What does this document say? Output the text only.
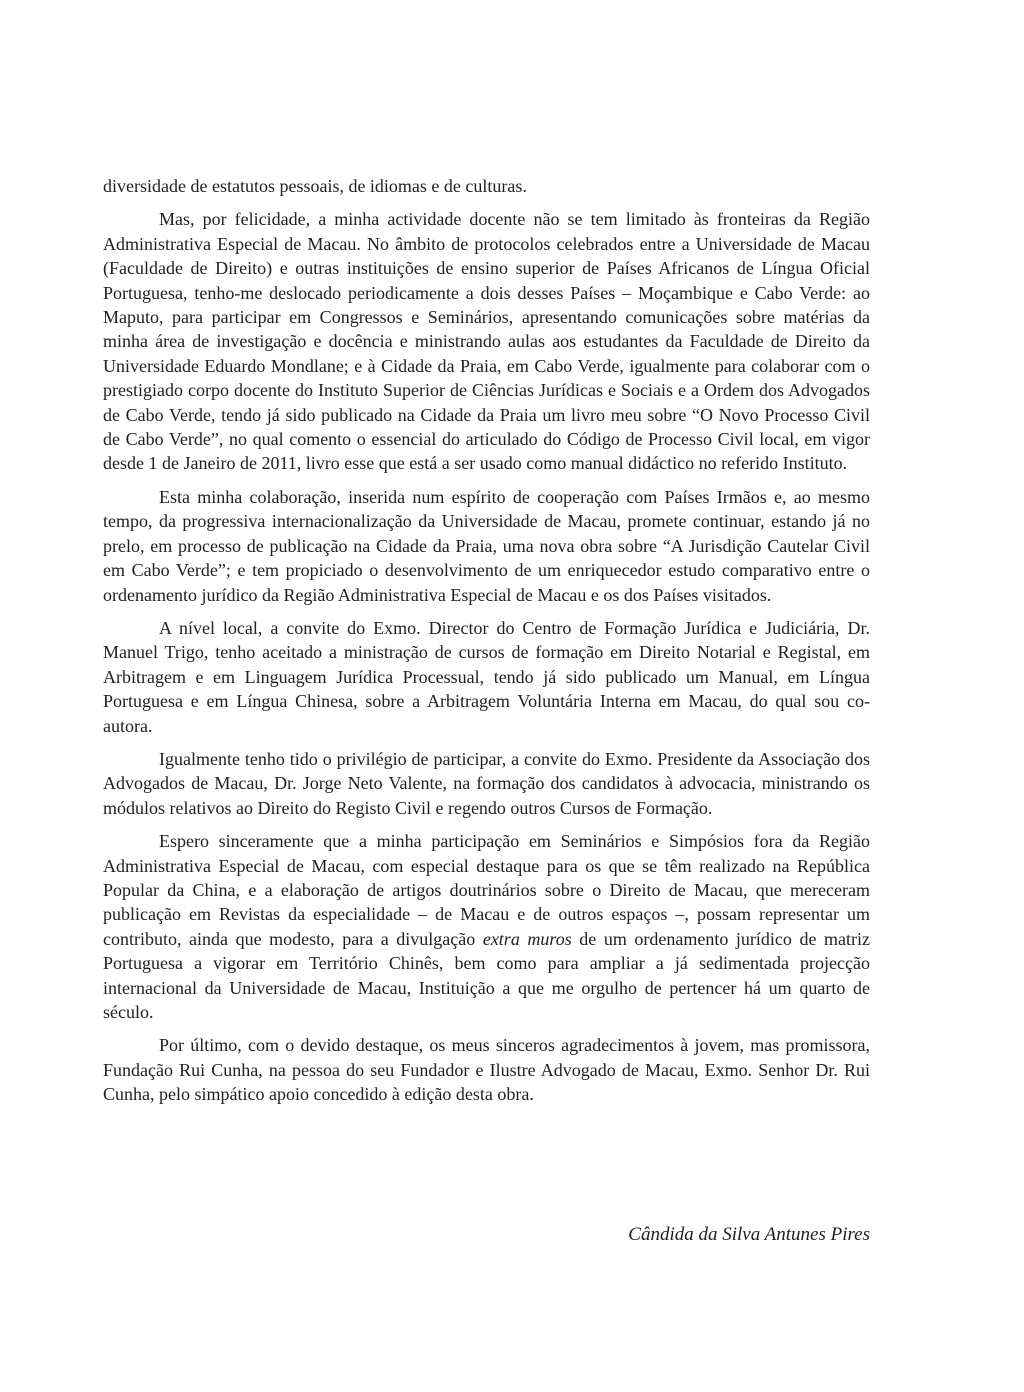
diversidade de estatutos pessoais, de idiomas e de culturas.

Mas, por felicidade, a minha actividade docente não se tem limitado às fronteiras da Região Administrativa Especial de Macau. No âmbito de protocolos celebrados entre a Universidade de Macau (Faculdade de Direito) e outras instituições de ensino superior de Países Africanos de Língua Oficial Portuguesa, tenho-me deslocado periodicamente a dois desses Países – Moçambique e Cabo Verde: ao Maputo, para participar em Congressos e Seminários, apresentando comunicações sobre matérias da minha área de investigação e docência e ministrando aulas aos estudantes da Faculdade de Direito da Universidade Eduardo Mondlane; e à Cidade da Praia, em Cabo Verde, igualmente para colaborar com o prestigiado corpo docente do Instituto Superior de Ciências Jurídicas e Sociais e a Ordem dos Advogados de Cabo Verde, tendo já sido publicado na Cidade da Praia um livro meu sobre “O Novo Processo Civil de Cabo Verde”, no qual comento o essencial do articulado do Código de Processo Civil local, em vigor desde 1 de Janeiro de 2011, livro esse que está a ser usado como manual didáctico no referido Instituto.

Esta minha colaboração, inserida num espírito de cooperação com Países Irmãos e, ao mesmo tempo, da progressiva internacionalização da Universidade de Macau, promete continuar, estando já no prelo, em processo de publicação na Cidade da Praia, uma nova obra sobre “A Jurisdição Cautelar Civil em Cabo Verde”; e tem propiciado o desenvolvimento de um enriquecedor estudo comparativo entre o ordenamento jurídico da Região Administrativa Especial de Macau e os dos Países visitados.

A nível local, a convite do Exmo. Director do Centro de Formação Jurídica e Judiciária, Dr. Manuel Trigo, tenho aceitado a ministração de cursos de formação em Direito Notarial e Registal, em Arbitragem e em Linguagem Jurídica Processual, tendo já sido publicado um Manual, em Língua Portuguesa e em Língua Chinesa, sobre a Arbitragem Voluntária Interna em Macau, do qual sou co-autora.

Igualmente tenho tido o privilégio de participar, a convite do Exmo. Presidente da Associação dos Advogados de Macau, Dr. Jorge Neto Valente, na formação dos candidatos à advocacia, ministrando os módulos relativos ao Direito do Registo Civil e regendo outros Cursos de Formação.

Espero sinceramente que a minha participação em Seminários e Simpósios fora da Região Administrativa Especial de Macau, com especial destaque para os que se têm realizado na República Popular da China, e a elaboração de artigos doutrinários sobre o Direito de Macau, que mereceram publicação em Revistas da especialidade – de Macau e de outros espaços –, possam representar um contributo, ainda que modesto, para a divulgação extra muros de um ordenamento jurídico de matriz Portuguesa a vigorar em Território Chinês, bem como para ampliar a já sedimentada projecção internacional da Universidade de Macau, Instituição a que me orgulho de pertencer há um quarto de século.

Por último, com o devido destaque, os meus sinceros agradecimentos à jovem, mas promissora, Fundação Rui Cunha, na pessoa do seu Fundador e Ilustre Advogado de Macau, Exmo. Senhor Dr. Rui Cunha, pelo simpático apoio concedido à edição desta obra.

Cândida da Silva Antunes Pires
